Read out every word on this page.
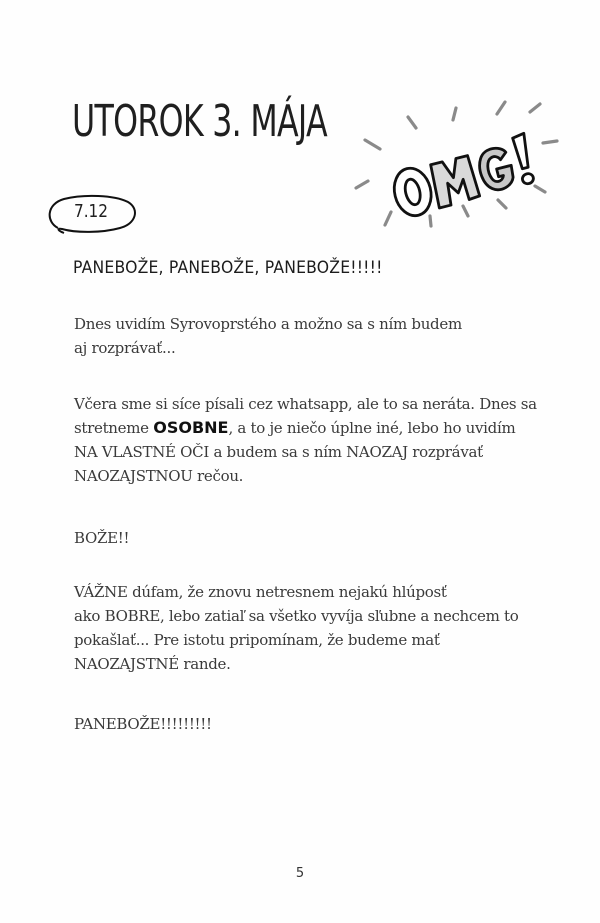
UTOROK 3. MÁJA
7.12
PANEBOŽE, PANEBOŽE, PANEBOŽE!!!!!
Dnes uvidím Syrovoprstého a možno sa s ním budem
aj rozprávať...
Včera sme si síce písali cez whatsapp, ale to sa neráta. Dnes sa
stretneme OSOBNE, a to je niečo úplne iné, lebo ho uvidím
NA VLASTNÉ OČI a budem sa s ním NAOZAJ rozprávať
NAOZAJSTNOU rečou.
BOŽE!!
VÁŽNE dúfam, že znovu netresnem nejakú hlúposť
ako BOBRE, lebo zatiaľ sa všetko vyvíja sľubne a nechcem to
pokašlať... Pre istotu pripomínam, že budeme mať
NAOZAJSTNÉ rande.
PANEBOŽE!!!!!!!!!
5
